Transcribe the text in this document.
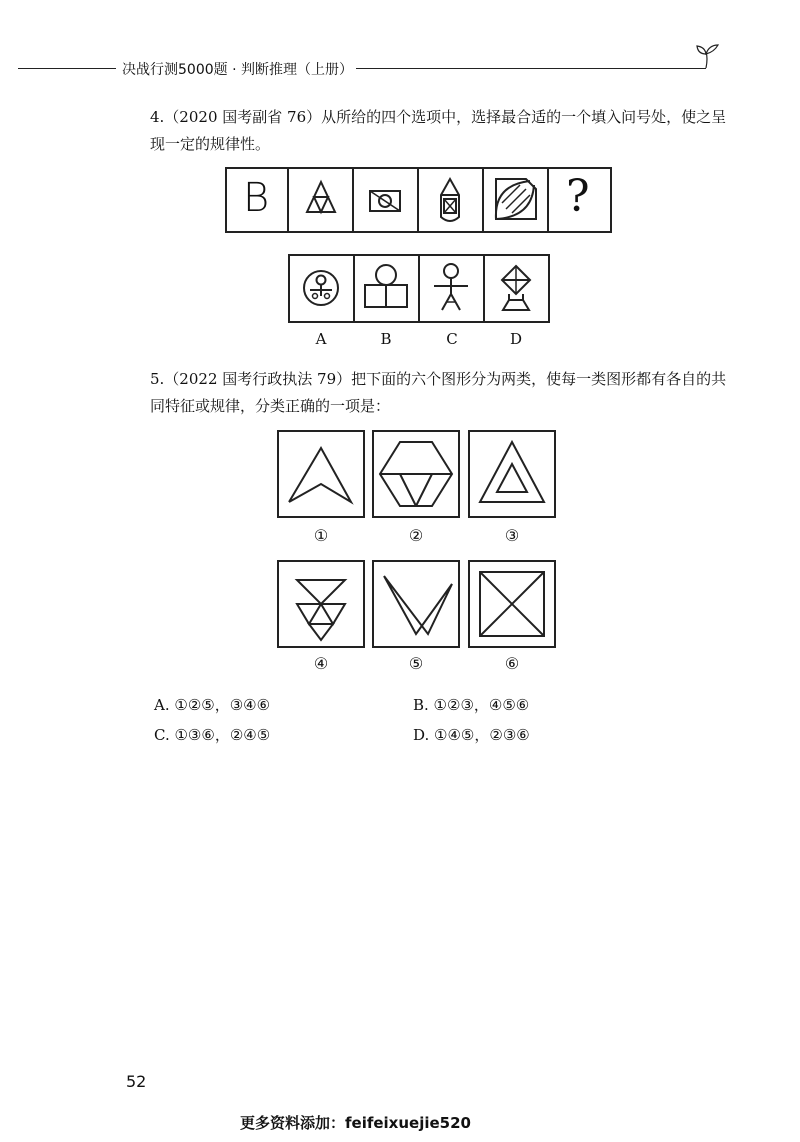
决战行测5000题 · 判断推理（上册）
4.（2020 国考副省 76）从所给的四个选项中，选择最合适的一个填入问号处，使之呈现一定的规律性。
B	?
A	B	C	D
5.（2022 国考行政执法 79）把下面的六个图形分为两类，使每一类图形都有各自的共同特征或规律，分类正确的一项是：
①	②	③
④	⑤	⑥
A. ①②⑤，③④⑥	B. ①②③，④⑤⑥
C. ①③⑥，②④⑤	D. ①④⑤，②③⑥
52
更多资料添加：feifeixuejie520
